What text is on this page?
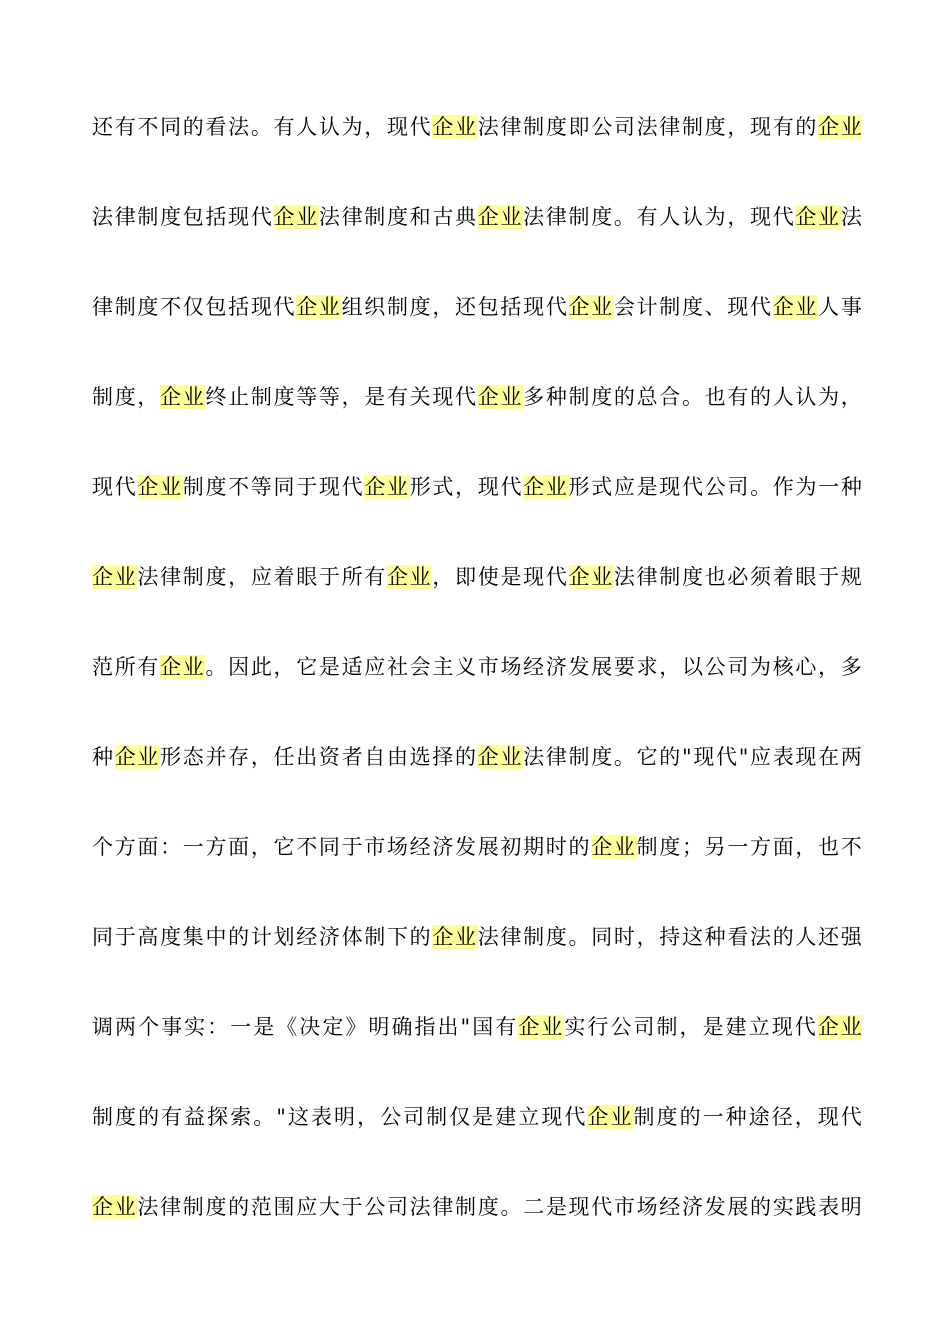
还有不同的看法。有人认为，现代企业法律制度即公司法律制度，现有的企业
法律制度包括现代企业法律制度和古典企业法律制度。有人认为，现代企业法
律制度不仅包括现代企业组织制度，还包括现代企业会计制度、现代企业人事
制度，企业终止制度等等，是有关现代企业多种制度的总合。也有的人认为，
现代企业制度不等同于现代企业形式，现代企业形式应是现代公司。作为一种
企业法律制度，应着眼于所有企业，即使是现代企业法律制度也必须着眼于规
范所有企业。因此，它是适应社会主义市场经济发展要求，以公司为核心，多
种企业形态并存，任出资者自由选择的企业法律制度。它的"现代"应表现在两
个方面：一方面，它不同于市场经济发展初期时的企业制度；另一方面，也不
同于高度集中的计划经济体制下的企业法律制度。同时，持这种看法的人还强
调两个事实：一是《决定》明确指出"国有企业实行公司制，是建立现代企业
制度的有益探索。"这表明，公司制仅是建立现代企业制度的一种途径，现代
企业法律制度的范围应大于公司法律制度。二是现代市场经济发展的实践表明
